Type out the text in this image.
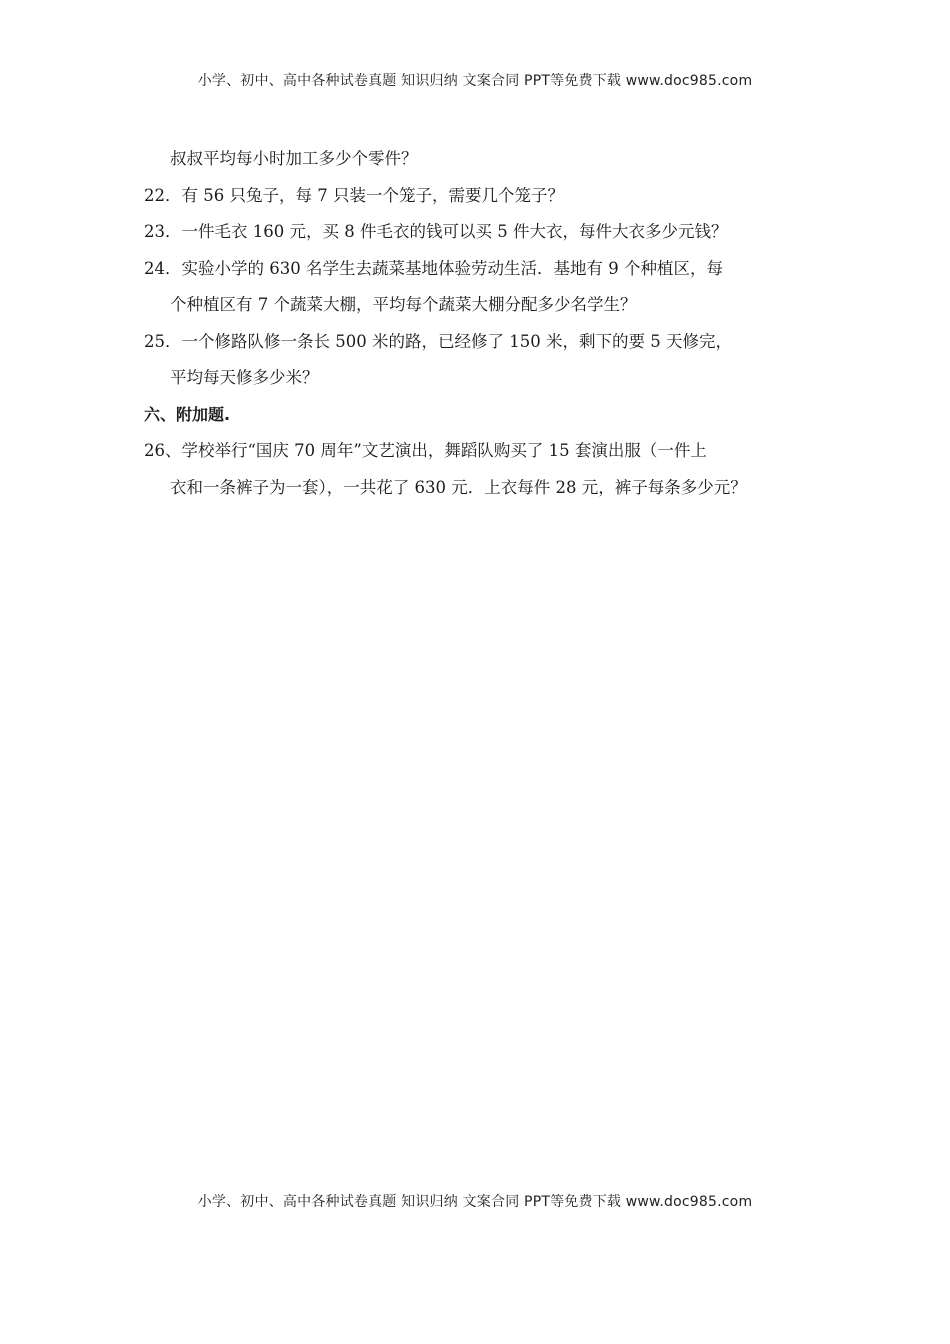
小学、初中、高中各种试卷真题 知识归纳 文案合同 PPT等免费下载 www.doc985.com
叔叔平均每小时加工多少个零件？
22．有 56 只兔子，每 7 只装一个笼子，需要几个笼子？
23．一件毛衣 160 元，买 8 件毛衣的钱可以买 5 件大衣，每件大衣多少元钱？
24．实验小学的 630 名学生去蔬菜基地体验劳动生活．基地有 9 个种植区，每
个种植区有 7 个蔬菜大棚，平均每个蔬菜大棚分配多少名学生？
25．一个修路队修一条长 500 米的路，已经修了 150 米，剩下的要 5 天修完，
平均每天修多少米？
六、附加题.
26、学校举行“国庆 70 周年”文艺演出，舞蹈队购买了 15 套演出服（一件上
衣和一条裤子为一套），一共花了 630 元．上衣每件 28 元，裤子每条多少元？
小学、初中、高中各种试卷真题 知识归纳 文案合同 PPT等免费下载 www.doc985.com
